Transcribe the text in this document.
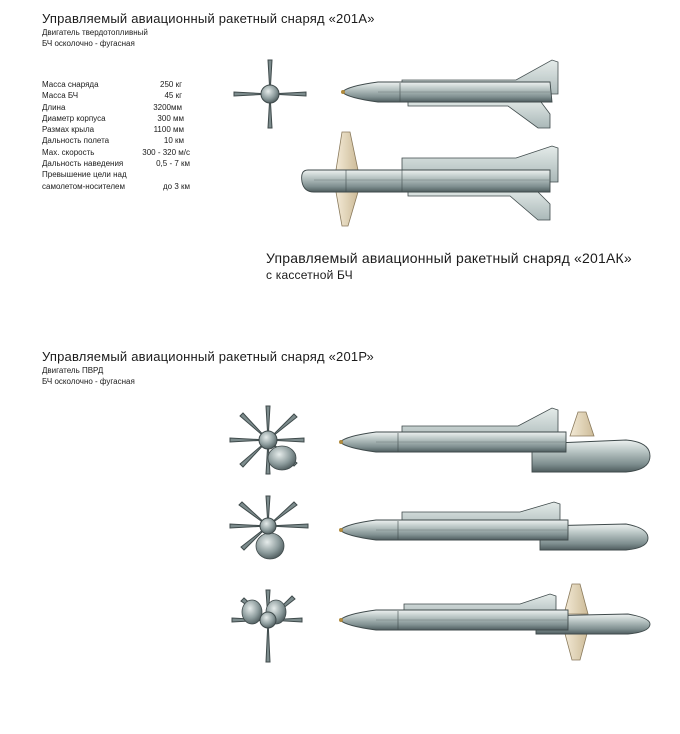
Управляемый авиационный ракетный снаряд «201А»
Двигатель твердотопливный
БЧ осколочно - фугасная
Масса снаряда	250 кг
Масса БЧ	45 кг
Длина	3200мм
Диаметр корпуса	300 мм
Размах крыла	1100 мм
Дальность полета	10 км
Мах. скорость	300 - 320 м/с
Дальность наведения	0,5 - 7 км
Превышение цели над
самолетом-носителем	до 3 км
Управляемый авиационный ракетный снаряд «201АК»
с кассетной БЧ
Управляемый авиационный ракетный снаряд «201Р»
Двигатель ПВРД
БЧ осколочно - фугасная
